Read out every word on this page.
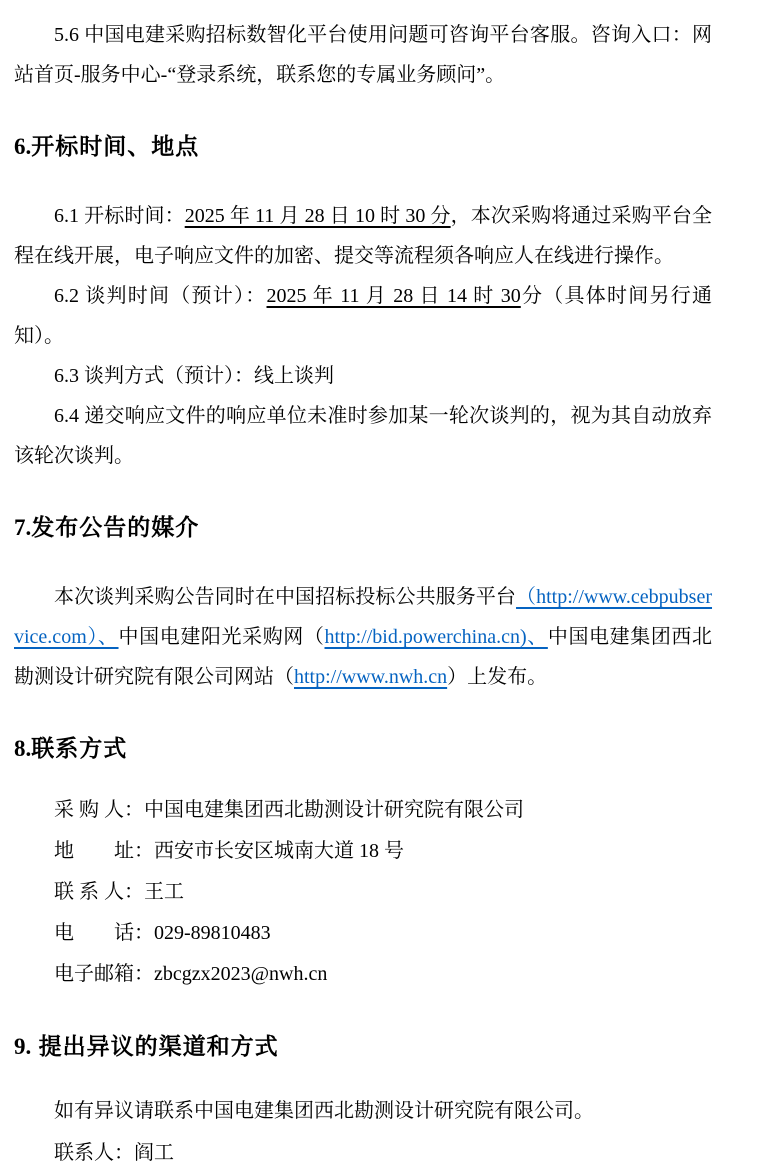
5.6 中国电建采购招标数智化平台使用问题可咨询平台客服。咨询入口：网站首页-服务中心-“登录系统，联系您的专属业务顾问”。

6.开标时间、地点

6.1 开标时间：2025 年 11 月 28 日 10 时 30 分，本次采购将通过采购平台全程在线开展，电子响应文件的加密、提交等流程须各响应人在线进行操作。

6.2 谈判时间（预计）：2025 年 11 月 28 日 14 时 30分（具体时间另行通知）。

6.3 谈判方式（预计）：线上谈判

6.4 递交响应文件的响应单位未准时参加某一轮次谈判的，视为其自动放弃该轮次谈判。

7.发布公告的媒介

本次谈判采购公告同时在中国招标投标公共服务平台（http://www.cebpubservice.com）、中国电建阳光采购网（http://bid.powerchina.cn)、中国电建集团西北勘测设计研究院有限公司网站（http://www.nwh.cn）上发布。

8.联系方式

采 购 人：中国电建集团西北勘测设计研究院有限公司

地　　址：西安市长安区城南大道 18 号

联 系 人：王工

电　　话：029-89810483

电子邮箱：zbcgzx2023@nwh.cn

9. 提出异议的渠道和方式

如有异议请联系中国电建集团西北勘测设计研究院有限公司。

联系人：阎工
